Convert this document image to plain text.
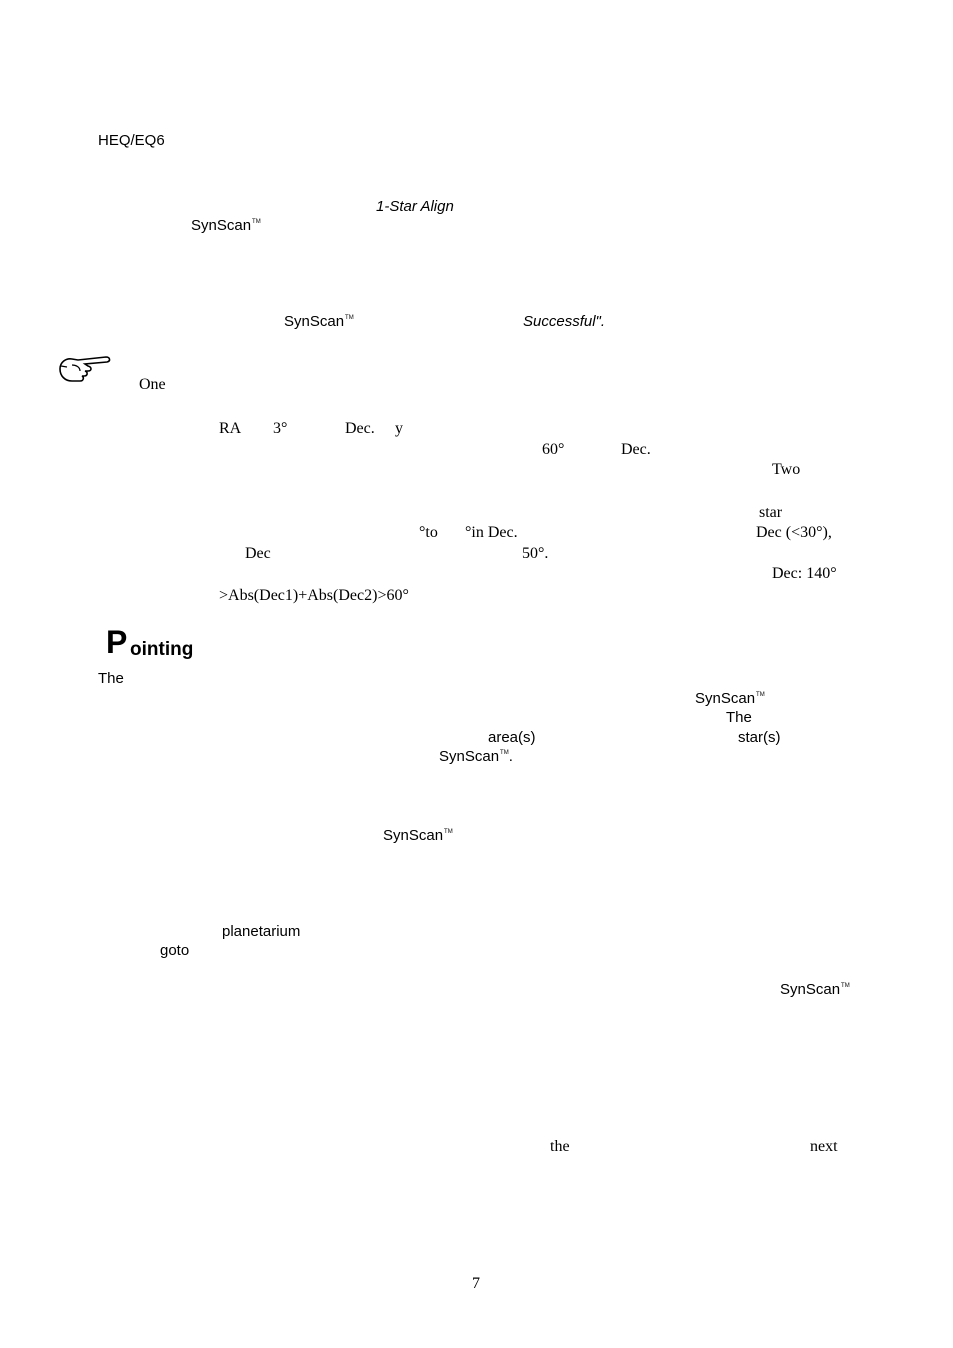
HEQ/EQ6
1-Star Align
SynScan™
SynScan™	Successful".
One
RA 3°	Dec. y
60°	Dec.
Two
star
°to °in Dec.	Dec (<30°),
Dec	50°.
Dec: 140°
>Abs(Dec1)+Abs(Dec2)>60°
P ointing
The
SynScan™
The
area(s)	star(s)
SynScan™.
SynScan™
planetarium
goto
SynScan™
the	next
7
